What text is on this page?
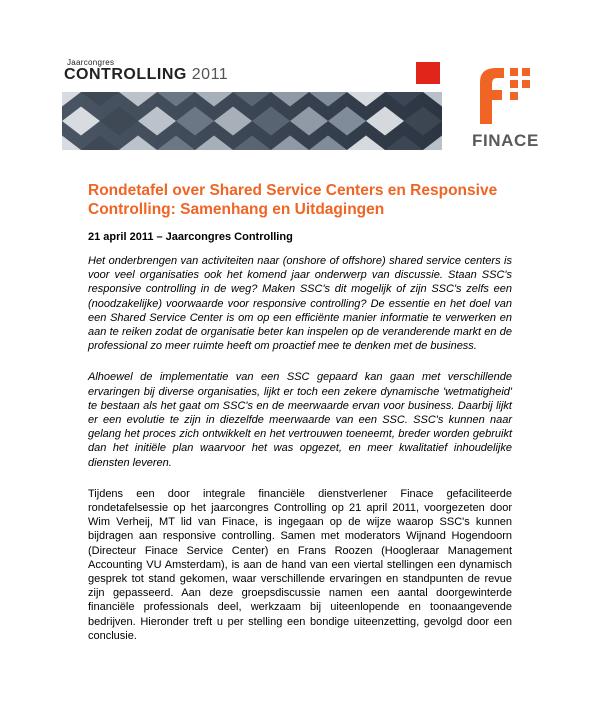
Jaarcongres
CONTROLLING 2011
FINACE
Rondetafel over Shared Service Centers en Responsive Controlling: Samenhang en Uitdagingen
21 april 2011 – Jaarcongres Controlling

Het onderbrengen van activiteiten naar (onshore of offshore) shared service centers is voor veel organisaties ook het komend jaar onderwerp van discussie. Staan SSC's responsive controlling in de weg? Maken SSC's dit mogelijk of zijn SSC's zelfs een (noodzakelijke) voorwaarde voor responsive controlling? De essentie en het doel van een Shared Service Center is om op een efficiënte manier informatie te verwerken en aan te reiken zodat de organisatie beter kan inspelen op de veranderende markt en de professional zo meer ruimte heeft om proactief mee te denken met de business.

Alhoewel de implementatie van een SSC gepaard kan gaan met verschillende ervaringen bij diverse organisaties, lijkt er toch een zekere dynamische 'wetmatigheid' te bestaan als het gaat om SSC's en de meerwaarde ervan voor business. Daarbij lijkt er een evolutie te zijn in diezelfde meerwaarde van een SSC. SSC's kunnen naar gelang het proces zich ontwikkelt en het vertrouwen toeneemt, breder worden gebruikt dan het initiële plan waarvoor het was opgezet, en meer kwalitatief inhoudelijke diensten leveren.

Tijdens een door integrale financiële dienstverlener Finace gefaciliteerde rondetafelsessie op het jaarcongres Controlling op 21 april 2011, voorgezeten door Wim Verheij, MT lid van Finace, is ingegaan op de wijze waarop SSC's kunnen bijdragen aan responsive controlling. Samen met moderators Wijnand Hogendoorn (Directeur Finace Service Center) en Frans Roozen (Hoogleraar Management Accounting VU Amsterdam), is aan de hand van een viertal stellingen een dynamisch gesprek tot stand gekomen, waar verschillende ervaringen en standpunten de revue zijn gepasseerd. Aan deze groepsdiscussie namen een aantal doorgewinterde financiële professionals deel, werkzaam bij uiteenlopende en toonaangevende bedrijven. Hieronder treft u per stelling een bondige uiteenzetting, gevolgd door een conclusie.
